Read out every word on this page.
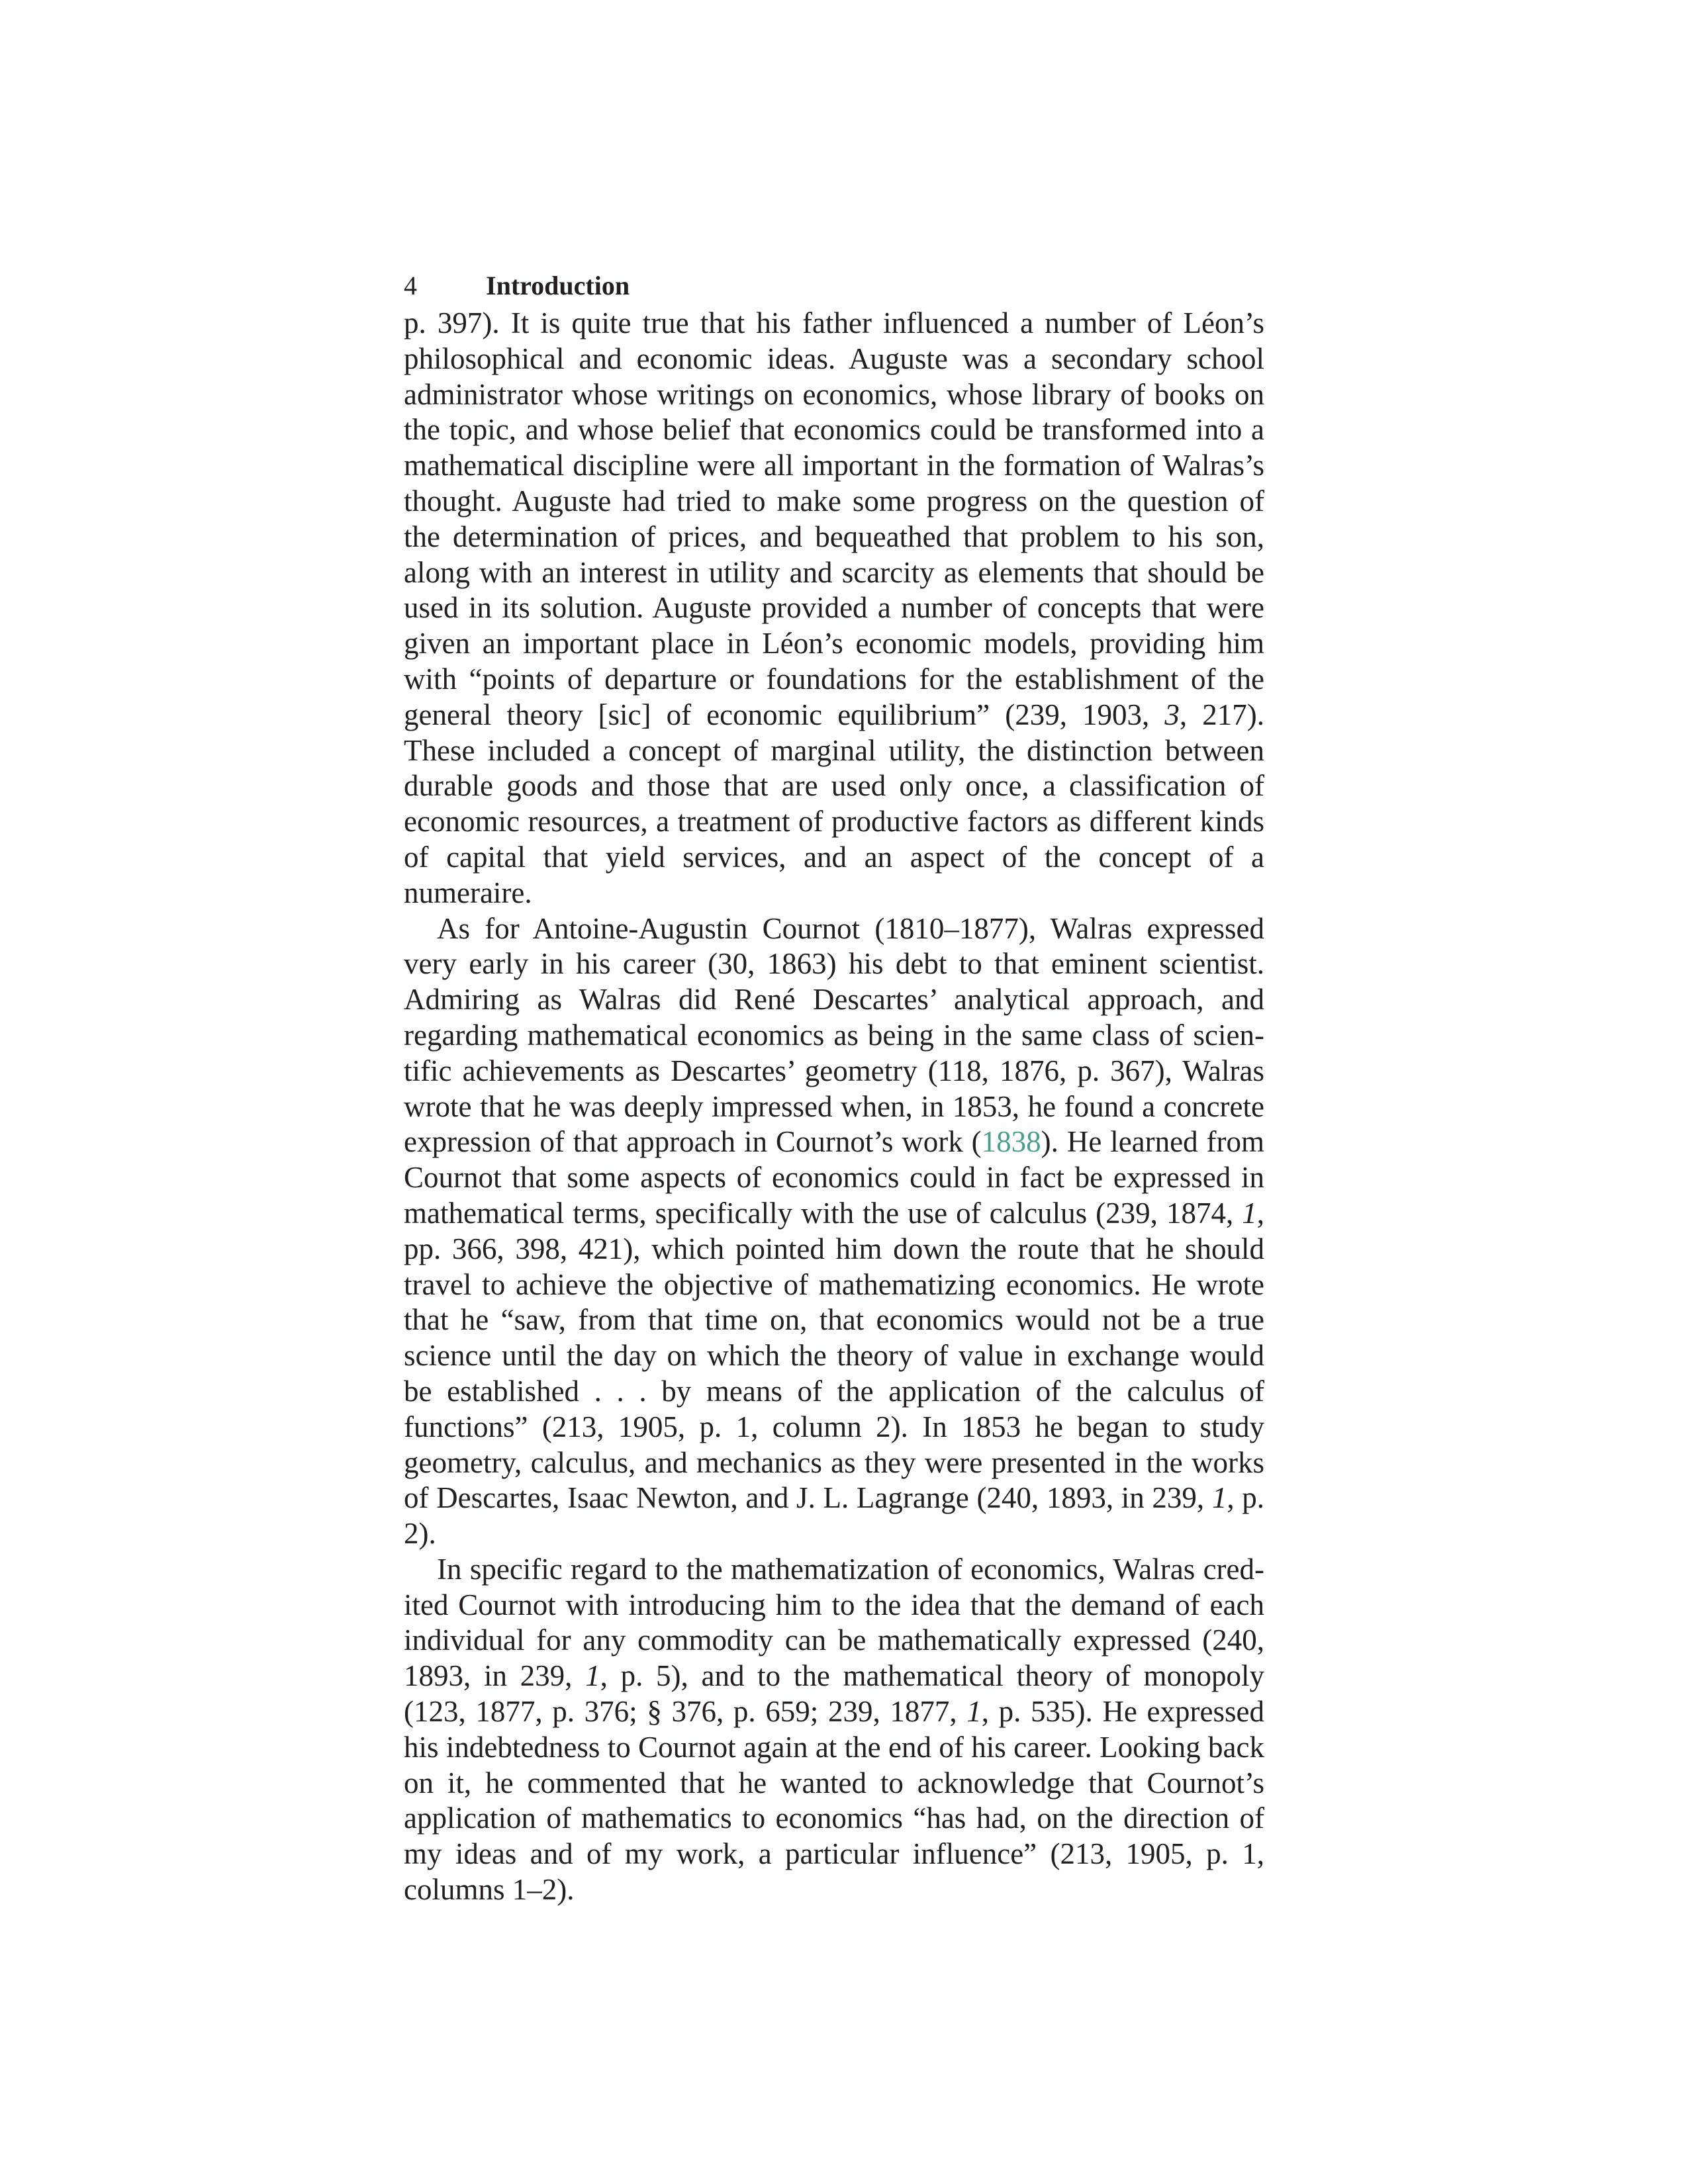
4	Introduction

p. 397). It is quite true that his father influenced a number of Léon’s philosophical and economic ideas. Auguste was a secondary school administrator whose writings on economics, whose library of books on the topic, and whose belief that economics could be transformed into a mathematical discipline were all important in the formation of Walras’s thought. Auguste had tried to make some progress on the question of the determination of prices, and bequeathed that problem to his son, along with an interest in utility and scarcity as elements that should be used in its solution. Auguste provided a number of concepts that were given an important place in Léon’s economic models, providing him with “points of departure or foundations for the establishment of the general theory [sic] of economic equilibrium” (239, 1903, 3, 217). These included a concept of marginal utility, the distinction between durable goods and those that are used only once, a classification of economic resources, a treatment of productive factors as different kinds of capital that yield services, and an aspect of the concept of a numeraire.

As for Antoine-Augustin Cournot (1810–1877), Walras expressed very early in his career (30, 1863) his debt to that eminent scientist. Admiring as Walras did René Descartes’ analytical approach, and regarding mathematical economics as being in the same class of scientific achievements as Descartes’ geometry (118, 1876, p. 367), Walras wrote that he was deeply impressed when, in 1853, he found a concrete expression of that approach in Cournot’s work (1838). He learned from Cournot that some aspects of economics could in fact be expressed in mathematical terms, specifically with the use of calculus (239, 1874, 1, pp. 366, 398, 421), which pointed him down the route that he should travel to achieve the objective of mathematizing economics. He wrote that he “saw, from that time on, that economics would not be a true science until the day on which the theory of value in exchange would be established . . . by means of the application of the calculus of functions” (213, 1905, p. 1, column 2). In 1853 he began to study geometry, calculus, and mechanics as they were presented in the works of Descartes, Isaac Newton, and J. L. Lagrange (240, 1893, in 239, 1, p. 2).

In specific regard to the mathematization of economics, Walras credited Cournot with introducing him to the idea that the demand of each individual for any commodity can be mathematically expressed (240, 1893, in 239, 1, p. 5), and to the mathematical theory of monopoly (123, 1877, p. 376; § 376, p. 659; 239, 1877, 1, p. 535). He expressed his indebtedness to Cournot again at the end of his career. Looking back on it, he commented that he wanted to acknowledge that Cournot’s application of mathematics to economics “has had, on the direction of my ideas and of my work, a particular influence” (213, 1905, p. 1, columns 1–2).
